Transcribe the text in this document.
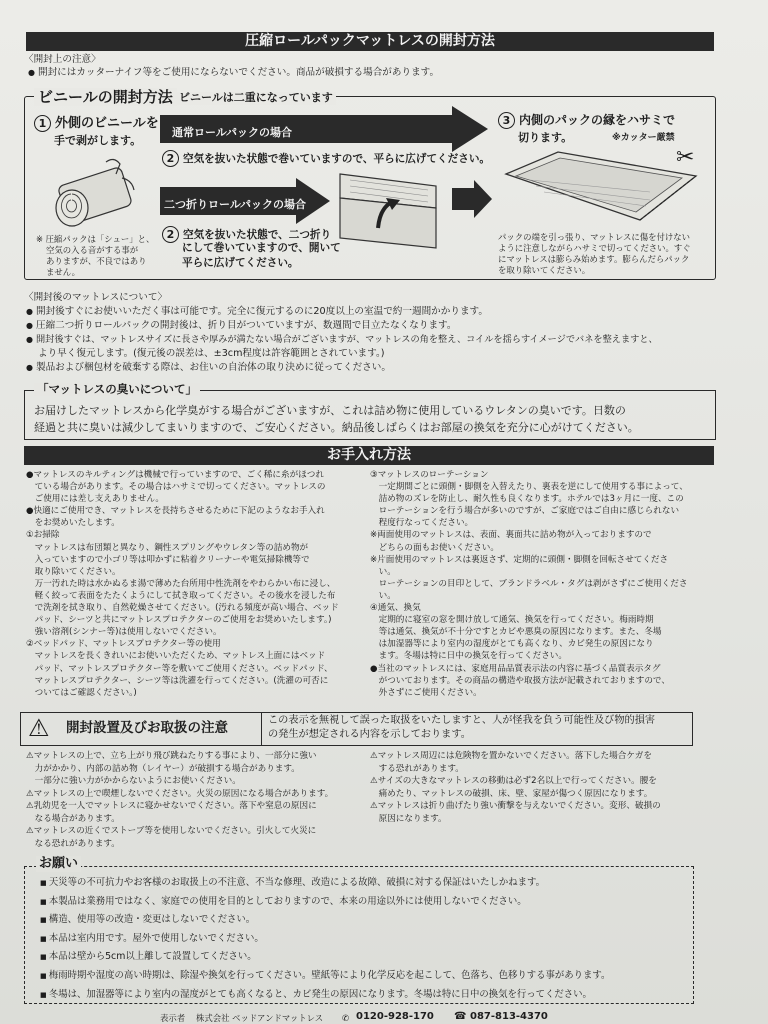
圧縮ロールパックマットレスの開封方法
〈開封上の注意〉
● 開封にはカッターナイフ等をご使用にならないでください。商品が破損する場合があります。
ビニールの開封方法 ビニールは二重になっています
1 外側のビニールを
手で剥がします。
※ 圧縮パックは「シュー」と、
空気の入る音がする事が
ありますが、不良ではあり
ません。
通常ロールパックの場合
2 空気を抜いた状態で巻いていますので、平らに広げてください。
二つ折りロールパックの場合
2 空気を抜いた状態で、二つ折り
にして巻いていますので、開いて
平らに広げてください。
3 内側のパックの縁をハサミで
切ります。	※カッター厳禁
✂
パックの端を引っ張り、マットレスに傷を付けない
ように注意しながらハサミで切ってください。すぐ
にマットレスは膨らみ始めます。膨らんだらパック
を取り除いてください。
〈開封後のマットレスについて〉
● 開封後すぐにお使いいただく事は可能です。完全に復元するのに20度以上の室温で約一週間かかります。
● 圧縮二つ折りロールパックの開封後は、折り目がついていますが、数週間で目立たなくなります。
● 開封後すぐは、マットレスサイズに長さや厚みが満たない場合がございますが、マットレスの角を整え、コイルを揺らすイメージでバネを整えますと、
より早く復元します。(復元後の誤差は、±3cm程度は許容範囲とされています。)
● 製品および梱包材を破棄する際は、お住いの自治体の取り決めに従ってください。
「マットレスの臭いについて」
お届けしたマットレスから化学臭がする場合がございますが、これは詰め物に使用しているウレタンの臭いです。日数の
経過と共に臭いは減少してまいりますので、ご安心ください。納品後しばらくはお部屋の換気を充分に心がけてください。
お手入れ方法
●マットレスのキルティングは機械で行っていますので、ごく稀に糸がほつれ
　ている場合があります。その場合はハサミで切ってください。マットレスの
　ご使用には差し支えありません。
●快適にご使用でき、マットレスを長持ちさせるために下記のようなお手入れ
　をお奨めいたします。
①お掃除
　マットレスは布団類と異なり、鋼性スプリングやウレタン等の詰め物が
　入っていますので小ゴリ等は叩かずに粘着クリーナーや電気掃除機等で
　取り除いてください。
　万一汚れた時は水かぬるま湯で薄めた台所用中性洗剤をやわらかい布に浸し、
　軽く絞って表面をたたくようにして拭き取ってください。その後水を浸した布
　で洗剤を拭き取り、自然乾燥させてください。(汚れる頻度が高い場合、ベッド
　パッド、シーツと共にマットレスプロテクターのご使用をお奨めいたします。)
　強い溶剤(シンナー等)は使用しないでください。
②ベッドパッド、マットレスプロテクター等の使用
　マットレスを長くきれいにお使いいただくため、マットレス上面にはベッド
　パッド、マットレスプロテクター等を敷いてご使用ください。ベッドパッド、
　マットレスプロテクター、シーツ等は洗濯を行ってください。(洗濯の可否に
　ついてはご確認ください。)
③マットレスのローテーション
　一定期間ごとに頭側・脚側を入替えたり、裏表を逆にして使用する事によって、
　詰め物のズレを防止し、耐久性も良くなります。ホテルでは3ヶ月に一度、この
　ローテーションを行う場合が多いのですが、ご家庭ではご自由に感じられない
　程度行なってください。
※両面使用のマットレスは、表面、裏面共に詰め物が入っておりますので
　どちらの面もお使いください。
※片面使用のマットレスは裏返さず、定期的に頭側・脚側を回転させてくださ
　い。
　ローテーションの目印として、ブランドラベル・タグは剥がさずにご使用くださ
　い。
④通気、換気
　定期的に寝室の窓を開け放して通気、換気を行ってください。梅雨時期
　等は通気、換気が不十分ですとカビや悪臭の原因になります。また、冬場
　は加湿器等により室内の湿度がとても高くなり、カビ発生の原因になり
　ます。冬場は特に日中の換気を行ってください。
●当社のマットレスには、家庭用品品質表示法の内容に基づく品質表示タグ
　がついております。その商品の構造や取扱方法が記載されておりますので、
　外さずにご使用ください。
⚠ 開封設置及びお取扱の注意	この表示を無視して誤った取扱をいたしますと、人が怪我を負う可能性及び物的損害
の発生が想定される内容を示しております。
⚠マットレスの上で、立ち上がり飛び跳ねたりする事により、一部分に強い
　力がかかり、内部の詰め物（レイヤー）が破損する場合があります。
　一部分に強い力がかからないようにお使いください。
⚠マットレスの上で喫煙しないでください。火災の原因になる場合があります。
⚠乳幼児を一人でマットレスに寝かせないでください。落下や窒息の原因に
　なる場合があります。
⚠マットレスの近くでストーブ等を使用しないでください。引火して火災に
　なる恐れがあります。
⚠マットレス周辺には危険物を置かないでください。落下した場合ケガを
　する恐れがあります。
⚠サイズの大きなマットレスの移動は必ず2名以上で行ってください。腰を
　痛めたり、マットレスの破損、床、壁、家屋が傷つく原因になります。
⚠マットレスは折り曲げたり強い衝撃を与えないでください。変形、破損の
　原因になります。
お願い
■ 天災等の不可抗力やお客様のお取扱上の不注意、不当な修理、改造による故障、破損に対する保証はいたしかねます。
■ 本製品は業務用ではなく、家庭での使用を目的としておりますので、本来の用途以外には使用しないでください。
■ 構造、使用等の改造・変更はしないでください。
■ 本品は室内用です。屋外で使用しないでください。
■ 本品は壁から5cm以上離して設置してください。
■ 梅雨時期や湿度の高い時期は、除湿や換気を行ってください。壁紙等により化学反応を起こして、色落ち、色移りする事があります。
■ 冬場は、加湿器等により室内の湿度がとても高くなると、カビ発生の原因になります。冬場は特に日中の換気を行ってください。
表示者 株式会社 ベッドアンドマットレス ✆ 0120-928-170 ☎ 087-813-4370
